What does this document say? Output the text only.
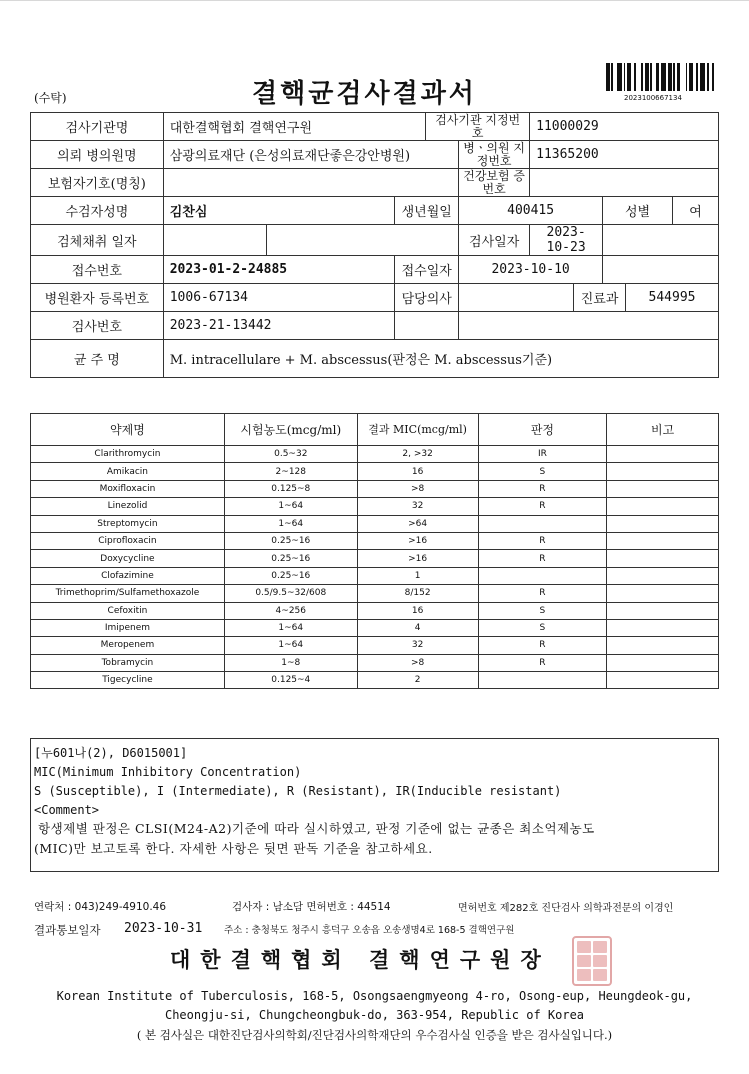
(수탁)	결핵균검사결과서	2023100667134
검사기관명	대한결핵협회 결핵연구원			검사기관 지정번호		11000029				
의뢰 병의원명	삼광의료재단 (은성의료재단좋은강안병원)				병ㆍ의원 지정번호	11365200				
보험자기호(명칭)					건강보험 증번호					
수검자성명	김찬심		생년월일		400415			성별		여
검체채취 일자					검사일자	2023-10-23				
접수번호	2023-01-2-24885		접수일자		2023-10-10					
병원환자 등록번호	1006-67134		담당의사				진료과		544995	
검사번호	2023-21-13442									
균 주 명	M. intracellulare + M. abscessus(판정은 M. abscessus기준)									
약제명	시험농도(mcg/ml)	결과 MIC(mcg/ml)	판정	비고
Clarithromycin	0.5~32	2, >32	IR	
Amikacin	2~128	16	S	
Moxifloxacin	0.125~8	>8	R	
Linezolid	1~64	32	R	
Streptomycin	1~64	>64		
Ciprofloxacin	0.25~16	>16	R	
Doxycycline	0.25~16	>16	R	
Clofazimine	0.25~16	1		
Trimethoprim/Sulfamethoxazole	0.5/9.5~32/608	8/152	R	
Cefoxitin	4~256	16	S	
Imipenem	1~64	4	S	
Meropenem	1~64	32	R	
Tobramycin	1~8	>8	R	
Tigecycline	0.125~4	2		
[누601나(2), D6015001]
MIC(Minimum Inhibitory Concentration)
S (Susceptible), I (Intermediate), R (Resistant), IR(Inducible resistant)
<Comment>
항생제별 판정은 CLSI(M24-A2)기준에 따라 실시하였고, 판정 기준에 없는 균종은 최소억제농도
(MIC)만 보고토록 한다. 자세한 사항은 뒷면 판독 기준을 참고하세요.
연락처 : 043)249-4910.46	검사자 : 남소담 면허번호 : 44514	면허번호 제282호 진단검사 의학과전문의 이경인
결과통보일자 2023-10-31 주소 : 충청북도 청주시 흥덕구 오송읍 오송생명4로 168-5 결핵연구원
대한결핵협회 결핵연구원장
Korean Institute of Tuberculosis, 168-5, Osongsaengmyeong 4-ro, Osong-eup, Heungdeok-gu,
Cheongju-si, Chungcheongbuk-do, 363-954, Republic of Korea
( 본 검사실은 대한진단검사의학회/진단검사의학재단의 우수검사실 인증을 받은 검사실입니다.)
